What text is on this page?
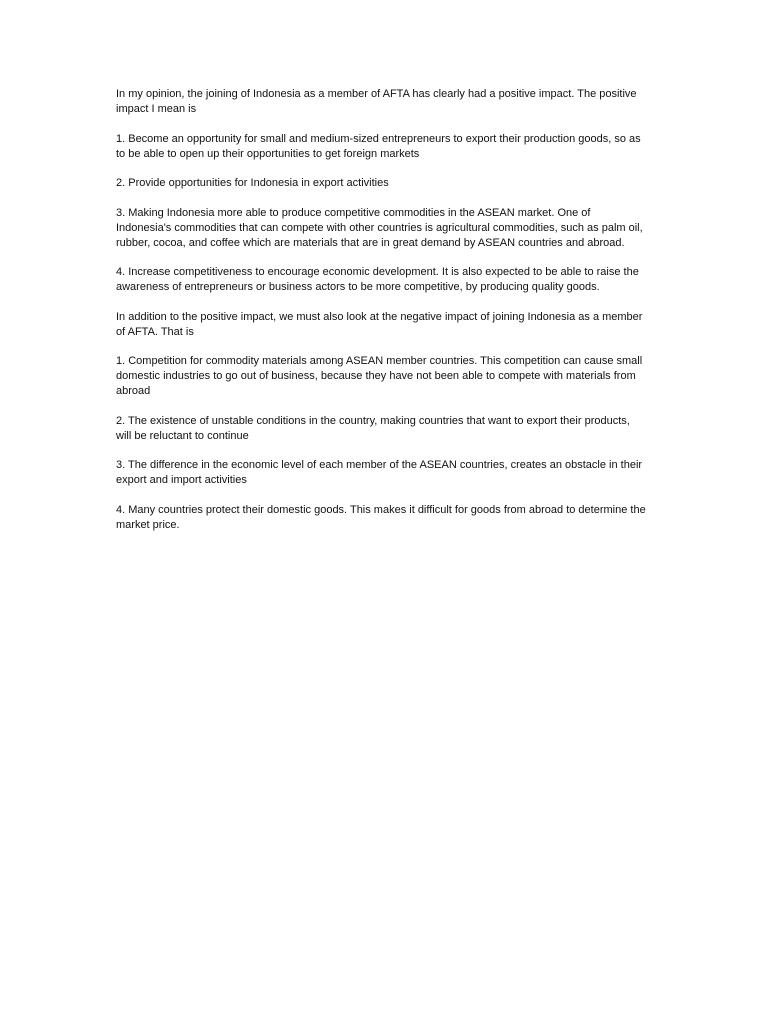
In my opinion, the joining of Indonesia as a member of AFTA has clearly had a positive impact. The positive impact I mean is

1. Become an opportunity for small and medium-sized entrepreneurs to export their production goods, so as to be able to open up their opportunities to get foreign markets

2. Provide opportunities for Indonesia in export activities

3. Making Indonesia more able to produce competitive commodities in the ASEAN market. One of Indonesia's commodities that can compete with other countries is agricultural commodities, such as palm oil, rubber, cocoa, and coffee which are materials that are in great demand by ASEAN countries and abroad.

4. Increase competitiveness to encourage economic development. It is also expected to be able to raise the awareness of entrepreneurs or business actors to be more competitive, by producing quality goods.

In addition to the positive impact, we must also look at the negative impact of joining Indonesia as a member of AFTA. That is

1. Competition for commodity materials among ASEAN member countries. This competition can cause small domestic industries to go out of business, because they have not been able to compete with materials from abroad

2. The existence of unstable conditions in the country, making countries that want to export their products, will be reluctant to continue

3. The difference in the economic level of each member of the ASEAN countries, creates an obstacle in their export and import activities

4. Many countries protect their domestic goods. This makes it difficult for goods from abroad to determine the market price.
